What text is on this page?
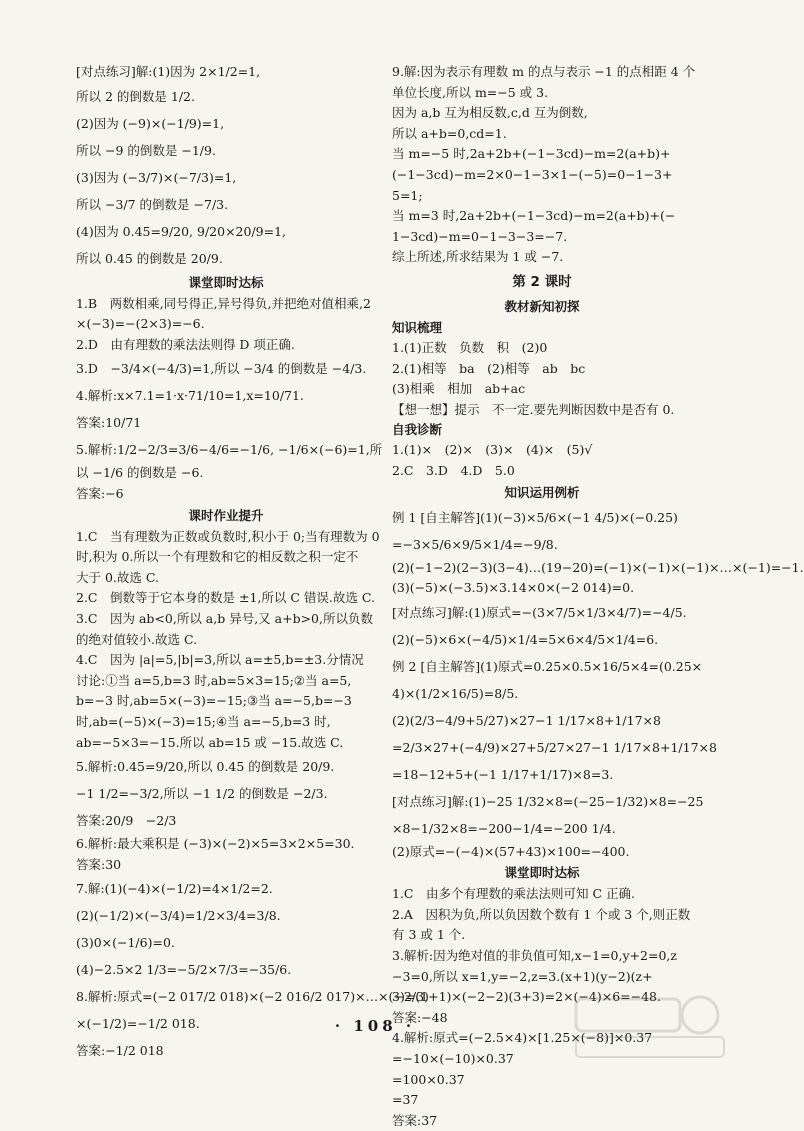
[对点练习]解:(1)因为 2×1/2=1,
所以 2 的倒数是 1/2.
(2)因为 (−9)×(−1/9)=1,
所以 −9 的倒数是 −1/9.
(3)因为 (−3/7)×(−7/3)=1,
所以 −3/7 的倒数是 −7/3.
(4)因为 0.45=9/20, 9/20×20/9=1,
所以 0.45 的倒数是 20/9.
课堂即时达标
1.B　两数相乘,同号得正,异号得负,并把绝对值相乘,2
×(−3)=−(2×3)=−6.
2.D　由有理数的乘法法则得 D 项正确.
3.D　−3/4×(−4/3)=1,所以 −3/4 的倒数是 −4/3.
4.解析:x×7.1=1·x·71/10=1,x=10/71.
答案:10/71
5.解析:1/2−2/3=3/6−4/6=−1/6, −1/6×(−6)=1,所
以 −1/6 的倒数是 −6.
答案:−6
课时作业提升
1.C　当有理数为正数或负数时,积小于 0;当有理数为 0
时,积为 0.所以一个有理数和它的相反数之积一定不
大于 0.故选 C.
2.C　倒数等于它本身的数是 ±1,所以 C 错误.故选 C.
3.C　因为 ab<0,所以 a,b 异号,又 a+b>0,所以负数
的绝对值较小.故选 C.
4.C　因为 |a|=5,|b|=3,所以 a=±5,b=±3.分情况
讨论:①当 a=5,b=3 时,ab=5×3=15;②当 a=5,
b=−3 时,ab=5×(−3)=−15;③当 a=−5,b=−3
时,ab=(−5)×(−3)=15;④当 a=−5,b=3 时,
ab=−5×3=−15.所以 ab=15 或 −15.故选 C.
5.解析:0.45=9/20,所以 0.45 的倒数是 20/9.
−1 1/2=−3/2,所以 −1 1/2 的倒数是 −2/3.
答案:20/9　−2/3
6.解析:最大乘积是 (−3)×(−2)×5=3×2×5=30.
答案:30
7.解:(1)(−4)×(−1/2)=4×1/2=2.
(2)(−1/2)×(−3/4)=1/2×3/4=3/8.
(3)0×(−1/6)=0.
(4)−2.5×2 1/3=−5/2×7/3=−35/6.
8.解析:原式=(−2 017/2 018)×(−2 016/2 017)×…×(−2/3)
×(−1/2)=−1/2 018.
答案:−1/2 018
9.解:因为表示有理数 m 的点与表示 −1 的点相距 4 个
单位长度,所以 m=−5 或 3.
因为 a,b 互为相反数,c,d 互为倒数,
所以 a+b=0,cd=1.
当 m=−5 时,2a+2b+(−1−3cd)−m=2(a+b)+
(−1−3cd)−m=2×0−1−3×1−(−5)=0−1−3+
5=1;
当 m=3 时,2a+2b+(−1−3cd)−m=2(a+b)+(−
1−3cd)−m=0−1−3−3=−7.
综上所述,所求结果为 1 或 −7.
第 2 课时
教材新知初探
知识梳理
1.(1)正数　负数　积　(2)0
2.(1)相等　ba　(2)相等　ab　bc
(3)相乘　相加　ab+ac
【想一想】提示　不一定.要先判断因数中是否有 0.
自我诊断
1.(1)×　(2)×　(3)×　(4)×　(5)√
2.C　3.D　4.D　5.0
知识运用例析
例 1 [自主解答](1)(−3)×5/6×(−1 4/5)×(−0.25)
=−3×5/6×9/5×1/4=−9/8.
(2)(−1−2)(2−3)(3−4)…(19−20)=(−1)×(−1)×(−1)×…×(−1)=−1.
(3)(−5)×(−3.5)×3.14×0×(−2 014)=0.
[对点练习]解:(1)原式=−(3×7/5×1/3×4/7)=−4/5.
(2)(−5)×6×(−4/5)×1/4=5×6×4/5×1/4=6.
例 2 [自主解答](1)原式=0.25×0.5×16/5×4=(0.25×
4)×(1/2×16/5)=8/5.
(2)(2/3−4/9+5/27)×27−1 1/17×8+1/17×8
=2/3×27+(−4/9)×27+5/27×27−1 1/17×8+1/17×8
=18−12+5+(−1 1/17+1/17)×8=3.
[对点练习]解:(1)−25 1/32×8=(−25−1/32)×8=−25
×8−1/32×8=−200−1/4=−200 1/4.
(2)原式=−(−4)×(57+43)×100=−400.
课堂即时达标
1.C　由多个有理数的乘法法则可知 C 正确.
2.A　因积为负,所以负因数个数有 1 个或 3 个,则正数
有 3 或 1 个.
3.解析:因为绝对值的非负值可知,x−1=0,y+2=0,z
−3=0,所以 x=1,y=−2,z=3.(x+1)(y−2)(z+
3)=(1+1)×(−2−2)(3+3)=2×(−4)×6=−48.
答案:−48
4.解析:原式=(−2.5×4)×[1.25×(−8)]×0.37
=−10×(−10)×0.37
=100×0.37
=37
答案:37
· 108 ·
